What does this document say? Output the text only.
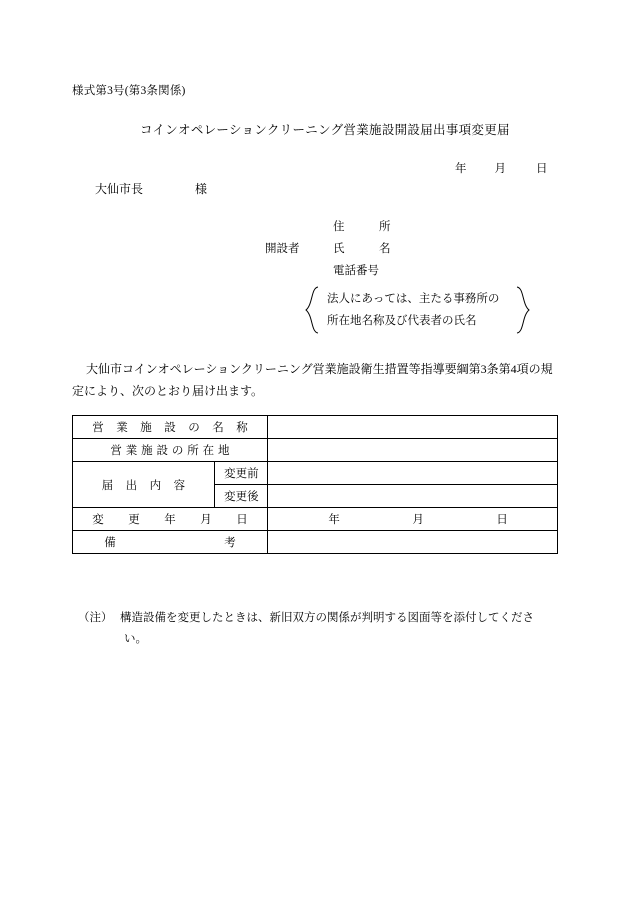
様式第3号(第3条関係)
コインオペレーションクリーニング営業施設開設届出事項変更届
年 月	日
大仙市長	様
住　　　所
開設者	氏　　　名
電話番号
法人にあっては、主たる事務所の
所在地名称及び代表者の氏名
大仙市コインオペレーションクリーニング営業施設衛生措置等指導要綱第3条第4項の規定により、次のとおり届け出ます。
営　業　施　設　の　名　称		
営 業 施 設 の 所 在 地		
届　出　内　容	変更前	
	変更後	
変　　更　　年　　月　　日		年 月 日

備　　　　　　　　　考		
（注） 構造設備を変更したときは、新旧双方の関係が判明する図面等を添付してくださ
い。
